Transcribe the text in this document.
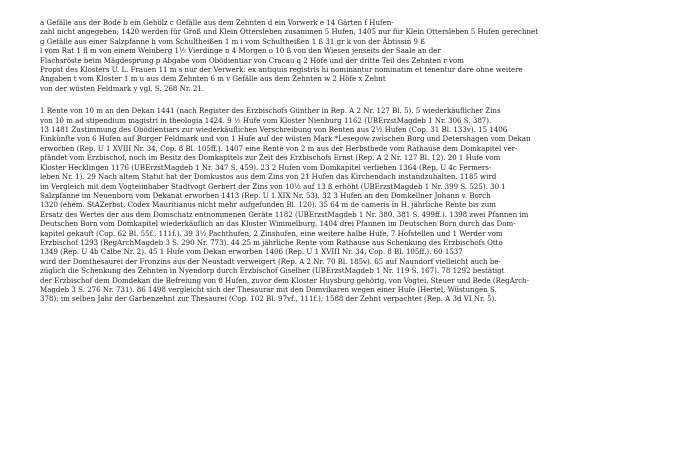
a Gefälle aus der Bode b ein Gehölz c Gefälle aus dem Zehnten d ein Vorwerk e 14 Gärten f Hufen-
zahl nicht angegeben; 1420 werden für Groß und Klein Ottersleben zusammen 5 Hufen, 1405 nur für Klein Ottersleben 5 Hufen gerechnet
g Gefälle aus einer Salzpfanne h vom Schultheißen 1 m i vom Schultheißen 1 ß 31 gr k von der Äbtissin 9 ß
l vom Rat 1 fl m von einem Weinberg 1½ Vierdinge n 4 Morgen o 10 ß von den Wiesen jenseits der Saale an der
Flachsröste beim Mägdesprung p Abgabe vom Obödientiar von Cracau q 2 Höfe und der dritte Teil des Zehnten r vom
Propst des Klosters U. L. Frauen 11 m s nur der Verwerk: ex antiquis registris hi nominantur nominatim et tenentur dare ohne weitere
Angaben t vom Kloster 1 m u aus dem Zehnten 6 m v Gefälle aus dem Zehnten w 2 Höfe x Zehnt
von der wüsten Feldmark y vgl. S. 268 Nr. 21.
1 Rente von 10 m an den Dekan 1441 (nach Register des Erzbischofs Günther in Rep. A 2 Nr. 127 Bl. 5). 5 wiederkäuflicher Zins
von 10 m ad stipendium magistri in theologia 1424. 9 ½ Hufe vom Kloster Nienburg 1162 (UBErzstMagdeb 1 Nr. 306 S. 387).
13 1481 Zustimmung des Obödientiars zur wiederkäuflichen Verschreibung von Renten aus 2½ Hufen (Cop. 31 Bl. 133v). 15 1406
Einkünfte von 6 Hufen auf Burger Feldmark und von 1 Hufe auf der wüsten Mark *Lesegow zwischen Burg und Detershagen vom Dekan
erworben (Rep. U 1 XVIII Nr. 34, Cop. 8 Bl. 105ff.). 1407 eine Rente von 2 m aus der Herbstbede vom Rathause dem Domkapitel ver-
pfändet vom Erzbischof, noch im Besitz des Domkapitels zur Zeit des Erzbischofs Ernst (Rep. A 2 Nr. 127 Bl. 12). 20 1 Hufe vom
Kloster Hecklingen 1176 (UBErzstMagdeb 1 Nr. 347 S. 459). 23 2 Hufen vom Domkapitel verliehen 1364 (Rep. U 4c Fermers-
leben Nr. 1). 29 Nach altem Statut hat der Domkustos aus dem Zins von 21 Hufen das Kirchendach instandzuhalten. 1185 wird
im Vergleich mit dem Vogteiinhaber Stadtvogt Gerbert der Zins von 10½ auf 13 ß erhöht (UBErzstMagdeb 1 Nr. 399 S. 525). 30 1
Salzpfanne im Neuenborn vom Dekanat erworben 1413 (Rep. U 1 XIX Nr. 53). 32 3 Hufen an den Domkellner Johann v. Borch
1320 (ehem. StAZerbst, Codex Mauritianus nicht mehr aufgefunden Bl. 120). 35 64 m de cameris in H. jährliche Rente bis zum
Ersatz des Wertes der aus dem Domschatz entnommenen Geräte 1182 (UBErzstMagdeb 1 Nr. 380, 381 S. 499ff.). 1398 zwei Pfannen im
Deutschen Born vom Domkapitel wiederkäuflich an das Kloster Wimmelburg, 1404 drei Pfannen im Deutschen Born durch das Dom-
kapitel gekauft (Cop. 62 Bl. 55f., 111f.). 39 3½ Pachthufen, 2 Zinshufen, eine weitere halbe Hufe, 7 Hofstellen und 1 Werder vom
Erzbischof 1293 (RegArchMagdeb 3 S. 290 Nr. 773). 44 25 m jährliche Rente vom Rathause aus Schenkung des Erzbischofs Otto
1349 (Rep. U 4b Calbe Nr. 2). 45 1 Hufe vom Dekan erworben 1406 (Rep. U 1 XVIII Nr. 34, Cop. 8 Bl. 105ff.). 60 1537
wird der Domthesaurei der Fronzins aus der Neustadt verweigert (Rep. A 2 Nr. 70 Bl. 185v). 65 auf Naundorf vielleicht auch be-
züglich die Schenkung des Zehnten in Nyendorp durch Erzbischof Giselher (UBErzstMagdeb 1 Nr. 119 S. 167). 78 1292 bestätigt
der Erzbischof dem Domdekan die Befreiung von 8 Hufen, zuvor dem Kloster Huysburg gehörig, von Vogtei, Steuer und Bede (RegArch-
Magdeb 3 S. 276 Nr. 731). 86 1498 vergleicht sich der Thesaurar mit den Domvikaren wegen einer Hufe (Hertel, Wüstungen S.
378); im selben Jahr der Garbenzehnt zur Thesaurei (Cop. 102 Bl. 97vf., 111f.); 1588 der Zehnt verpachtet (Rep. A 3d VI Nr. 5).
